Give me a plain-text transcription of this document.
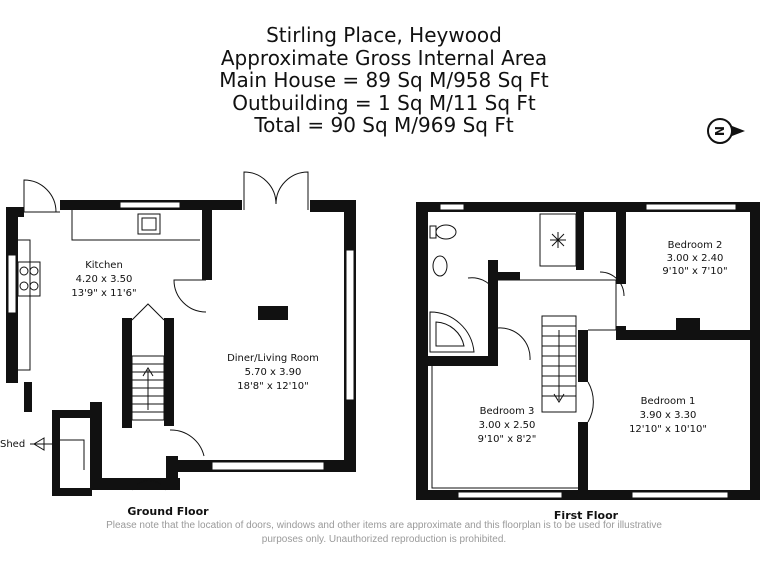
Stirling Place, Heywood
Approximate Gross Internal Area
Main House = 89 Sq M/958 Sq Ft
Outbuilding = 1 Sq M/11 Sq Ft
Total = 90 Sq M/969 Sq Ft	N
Shed
Kitchen
4.20 x 3.50
13'9" x 11'6"
Diner/Living Room
5.70 x 3.90
18'8" x 12'10"
Ground Floor
Bedroom 2
3.00 x 2.40
9'10" x 7'10"
Bedroom 1
3.90 x 3.30
12'10" x 10'10"
Bedroom 3
3.00 x 2.50
9'10" x 8'2"
First Floor
Please note that the location of doors, windows and other items are approximate and this floorplan is to be used for illustrative
purposes only. Unauthorized reproduction is prohibited.
